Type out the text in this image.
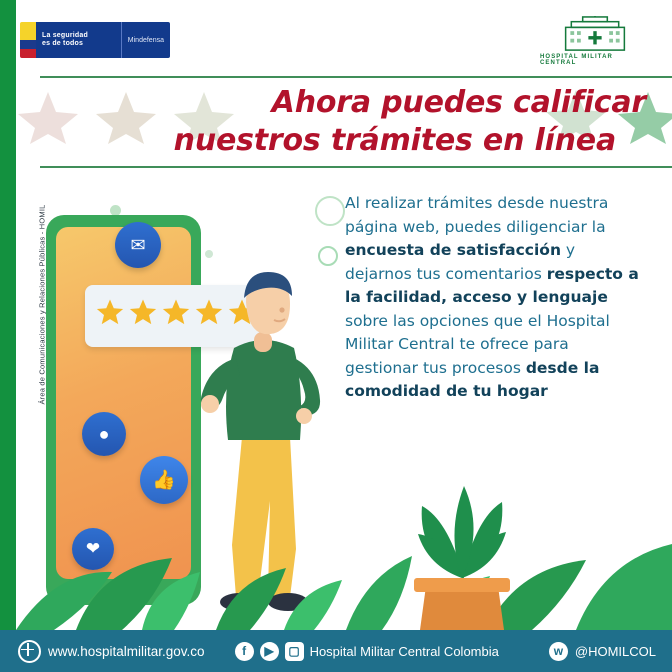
Área de Comunicaciones y Relaciones Públicas - HOMIL
La seguridad
es de todos	Mindefensa
HOSPITAL MILITAR CENTRAL
Ahora puedes calificar
nuestros trámites en línea
Al realizar trámites desde nuestra página web, puedes diligenciar la encuesta de satisfacción y dejarnos tus comentarios respecto a la facilidad, acceso y lenguaje sobre las opciones que el Hospital Militar Central te ofrece para gestionar tus procesos desde la comodidad de tu hogar
✉
●
❤
👍
www.hospitalmilitar.gov.co	f	▶	▢ Hospital Militar Central Colombia	w @HOMILCOL
